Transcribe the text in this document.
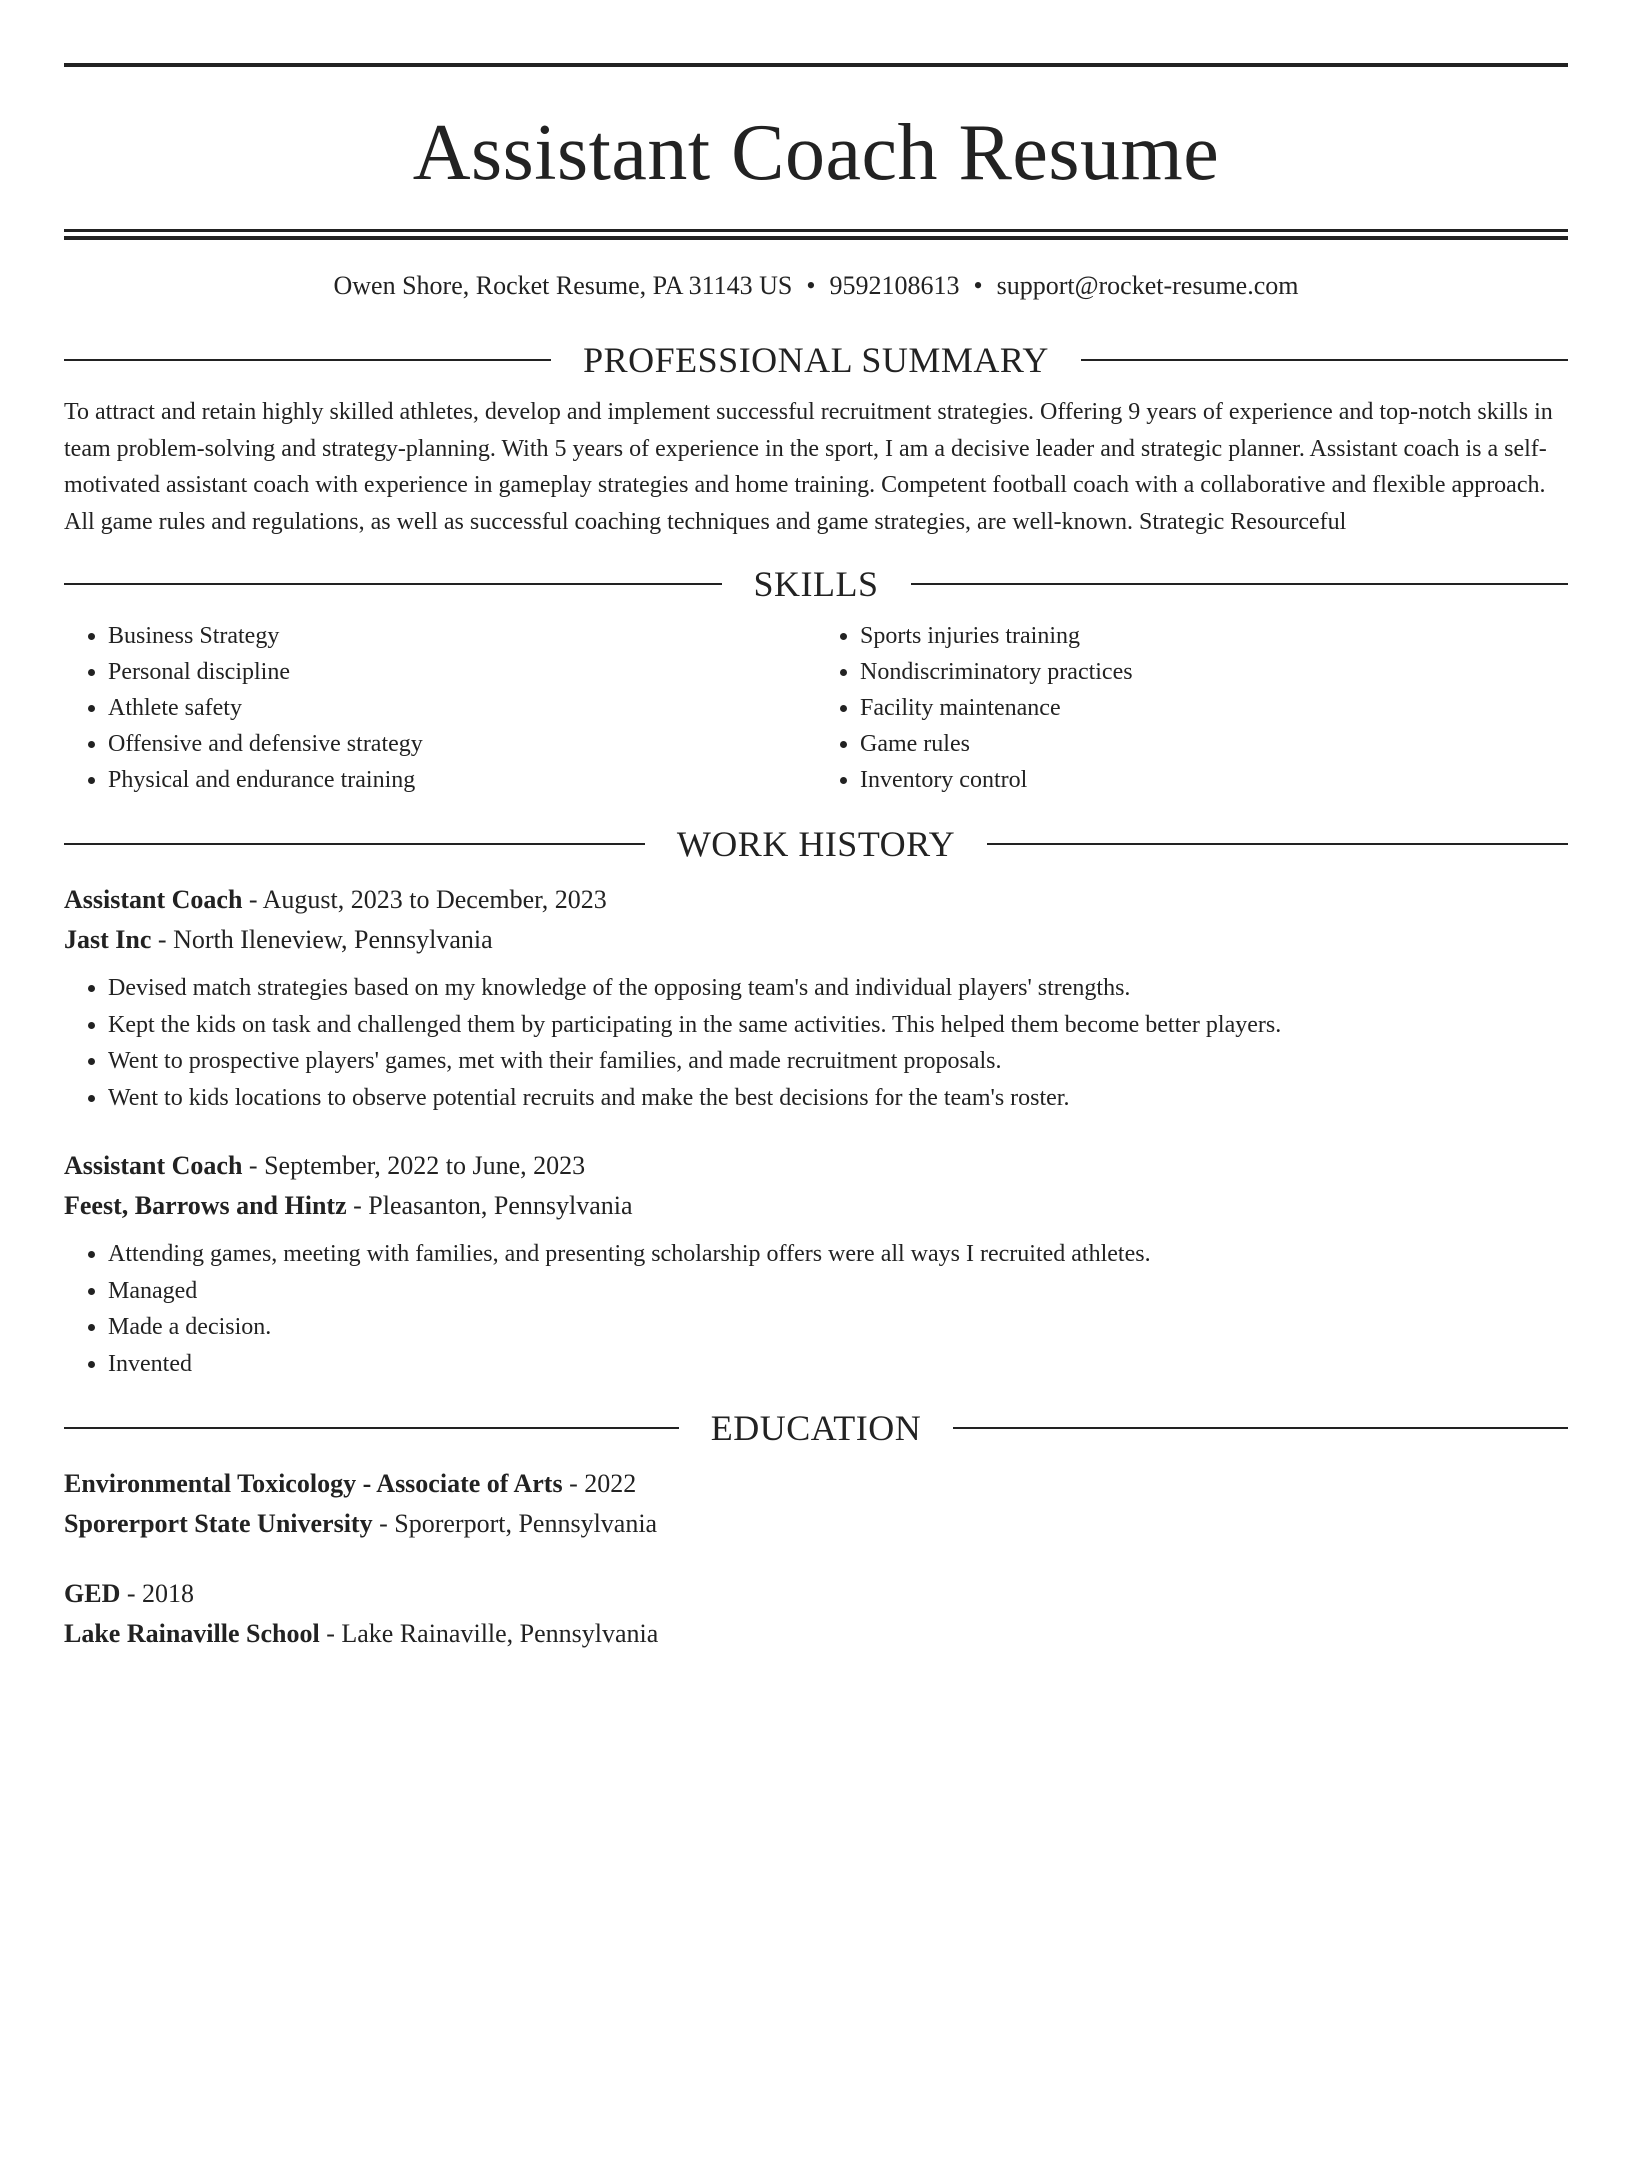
Assistant Coach Resume
Owen Shore, Rocket Resume, PA 31143 US • 9592108613 • support@rocket-resume.com
PROFESSIONAL SUMMARY
To attract and retain highly skilled athletes, develop and implement successful recruitment strategies. Offering 9 years of experience and top-notch skills in team problem-solving and strategy-planning. With 5 years of experience in the sport, I am a decisive leader and strategic planner. Assistant coach is a self-motivated assistant coach with experience in gameplay strategies and home training. Competent football coach with a collaborative and flexible approach. All game rules and regulations, as well as successful coaching techniques and game strategies, are well-known. Strategic Resourceful
SKILLS
• Business Strategy
• Personal discipline
• Athlete safety
• Offensive and defensive strategy
• Physical and endurance training
• Sports injuries training
• Nondiscriminatory practices
• Facility maintenance
• Game rules
• Inventory control
WORK HISTORY
Assistant Coach - August, 2023 to December, 2023
Jast Inc - North Ileneview, Pennsylvania
• Devised match strategies based on my knowledge of the opposing team's and individual players' strengths.
• Kept the kids on task and challenged them by participating in the same activities. This helped them become better players.
• Went to prospective players' games, met with their families, and made recruitment proposals.
• Went to kids locations to observe potential recruits and make the best decisions for the team's roster.
Assistant Coach - September, 2022 to June, 2023
Feest, Barrows and Hintz - Pleasanton, Pennsylvania
• Attending games, meeting with families, and presenting scholarship offers were all ways I recruited athletes.
• Managed
• Made a decision.
• Invented
EDUCATION
Environmental Toxicology - Associate of Arts - 2022
Sporerport State University - Sporerport, Pennsylvania
GED - 2018
Lake Rainaville School - Lake Rainaville, Pennsylvania
